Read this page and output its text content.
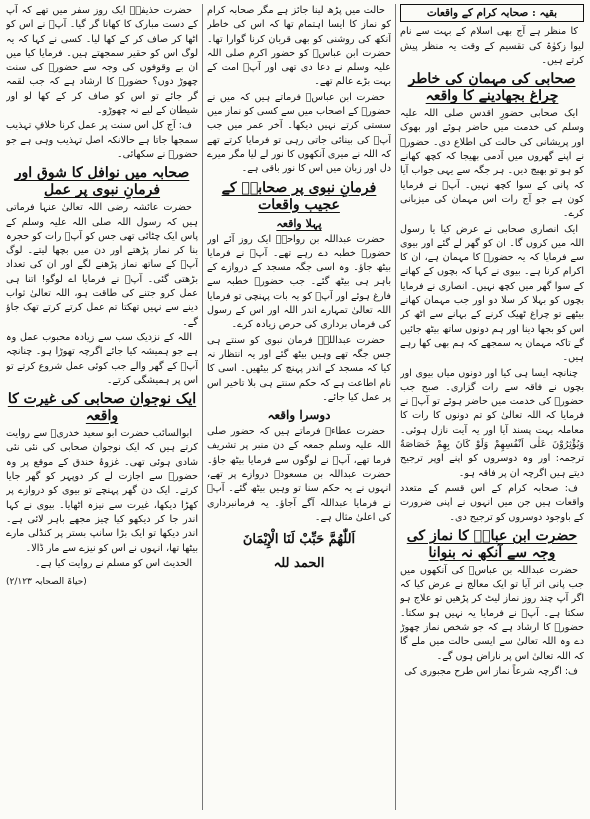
بقیہ : صحابہ کرام کے واقعات

کا منظر ہے آج بھی اسلام کے بہت سے نام لیوا زکوٰۃ کی تقسیم کے وقت یہ منظر پیش کرتے ہیں۔

صحابی کی مہمان کی خاطر چراغ بجھادینے کا واقعہ

ایک صحابی حضورِ اقدس صلی اللہ علیہ وسلم کی خدمت میں حاضر ہوئے اور بھوک اور پریشانی کی حالت کی اطلاع دی۔ حضورؐ نے اپنے گھروں میں آدمی بھیجا کہ کچھ کھانے کو ہو تو بھیج دیں۔ ہر جگہ سے یہی جواب آیا کہ پانی کے سوا کچھ نہیں۔ آپؐ نے فرمایا کون ہے جو آج رات اس مہمان کی میزبانی کرے۔

ایک انصاری صحابی نے عرض کیا یا رسول اللہ میں کروں گا۔ ان کو گھر لے گئے اور بیوی سے فرمایا کہ یہ حضورؐ کا مہمان ہے، ان کا اکرام کرنا ہے۔ بیوی نے کہا کہ بچوں کے کھانے کے سوا گھر میں کچھ نہیں۔ انصاری نے فرمایا بچوں کو بہلا کر سلا دو اور جب مہمان کھانے بیٹھے تو چراغ ٹھیک کرنے کے بہانے سے اٹھ کر اس کو بجھا دینا اور ہم دونوں ساتھ بیٹھ جائیں گے تاکہ مہمان یہ سمجھے کہ ہم بھی کھا رہے ہیں۔

چنانچہ ایسا ہی کیا اور دونوں میاں بیوی اور بچوں نے فاقہ سے رات گزاری۔ صبح جب حضورؐ کی خدمت میں حاضر ہوئے تو آپؐ نے فرمایا کہ اللہ تعالیٰ کو تم دونوں کا رات کا معاملہ بہت پسند آیا اور یہ آیت نازل ہوئی۔ وَيُؤْثِرُوْنَ عَلٰى اَنْفُسِهِمْ وَلَوْ كَانَ بِهِمْ خَصَاصَةٌ ترجمہ: اور وہ دوسروں کو اپنے اوپر ترجیح دیتے ہیں اگرچہ ان پر فاقہ ہو۔

ف: صحابہ کرام کے اس قسم کے متعدد واقعات ہیں جن میں انہوں نے اپنی ضرورت کے باوجود دوسروں کو ترجیح دی۔

حضرت ابن عباسؓ کا نماز کی وجہ سے آنکھ نہ بنوانا

حضرت عبداللہ بن عباسؓ کی آنکھوں میں جب پانی اتر آیا تو ایک معالج نے عرض کیا کہ اگر آپ چند روز نماز لیٹ کر پڑھیں تو علاج ہو سکتا ہے۔ آپؓ نے فرمایا یہ نہیں ہو سکتا۔ حضورؐ کا ارشاد ہے کہ جو شخص نماز چھوڑ دے وہ اللہ تعالیٰ سے ایسی حالت میں ملے گا کہ اللہ تعالیٰ اس پر ناراض ہوں گے۔

ف: اگرچہ شرعاً نماز اس طرح مجبوری کی

حالت میں پڑھ لینا جائز ہے مگر صحابہ کرام کو نماز کا ایسا اہتمام تھا کہ اس کی خاطر آنکھ کی روشنی کو بھی قربان کرنا گوارا تھا۔ حضرت ابن عباسؓ کو حضور اکرم صلی اللہ علیہ وسلم نے دعا دی تھی اور آپؓ امت کے بہت بڑے عالم تھے۔

حضرت ابن عباسؓ فرماتے ہیں کہ میں نے حضورؐ کے اصحاب میں سے کسی کو نماز میں سستی کرتے نہیں دیکھا۔ آخر عمر میں جب آپؓ کی بینائی جاتی رہی تو فرمایا کرتے تھے کہ اللہ نے میری آنکھوں کا نور لے لیا مگر میرے دل اور زبان میں اس کا نور باقی ہے۔

فرمانِ نبوی پر صحابہؓ کے عجیب واقعات
پہلا واقعہ

حضرت عبداللہ بن رواحہؓ ایک روز آئے اور حضورؐ خطبہ دے رہے تھے۔ آپؐ نے فرمایا بیٹھ جاؤ۔ وہ اسی جگہ مسجد کے دروازے کے باہر ہی بیٹھ گئے۔ جب حضورؐ خطبہ سے فارغ ہوئے اور آپؐ کو یہ بات پہنچی تو فرمایا اللہ تعالیٰ تمہارے اندر اللہ اور اس کے رسول کی فرماں برداری کی حرص زیادہ کرے۔

حضرت عبداللہؓ فرمان نبوی کو سنتے ہی جس جگہ تھے وہیں بیٹھ گئے اور یہ انتظار نہ کیا کہ مسجد کے اندر پہنچ کر بیٹھیں۔ اسی کا نام اطاعت ہے کہ حکم سنتے ہی بلا تاخیر اس پر عمل کیا جائے۔

دوسرا واقعہ

حضرت عطاءؒ فرماتے ہیں کہ حضور صلی اللہ علیہ وسلم جمعہ کے دن منبر پر تشریف فرما تھے، آپؐ نے لوگوں سے فرمایا بیٹھ جاؤ۔ حضرت عبداللہ بن مسعودؓ دروازے پر تھے، انہوں نے یہ حکم سنا تو وہیں بیٹھ گئے۔ آپؐ نے فرمایا عبداللہ آگے آجاؤ۔ یہ فرمانبرداری کی اعلیٰ مثال ہے۔

اَللّٰهُمَّ حَبِّبْ لَنَا الْإِيْمَانَ
الحمد للہ

حضرت حذیفہؓ ایک روز سفر میں تھے کہ آپ کے دست مبارک کا کھانا گر گیا۔ آپؓ نے اس کو اٹھا کر صاف کر کے کھا لیا۔ کسی نے کہا کہ یہ لوگ اس کو حقیر سمجھتے ہیں۔ فرمایا کیا میں ان بے وقوفوں کی وجہ سے حضورؐ کی سنت چھوڑ دوں؟ حضورؐ کا ارشاد ہے کہ جب لقمہ گر جائے تو اس کو صاف کر کے کھا لو اور شیطان کے لیے نہ چھوڑو۔

ف: آج کل اس سنت پر عمل کرنا خلافِ تہذیب سمجھا جاتا ہے حالانکہ اصل تہذیب وہی ہے جو حضورؐ نے سکھائی۔

صحابہ میں نوافل کا شوق اور فرمانِ نبوی پر عمل

حضرت عائشہ رضی اللہ تعالیٰ عنہا فرماتی ہیں کہ رسول اللہ صلی اللہ علیہ وسلم کے پاس ایک چٹائی تھی جس کو آپؐ رات کو حجرہ بنا کر نماز پڑھتے اور دن میں بچھا لیتے۔ لوگ آپؐ کے ساتھ نماز پڑھنے لگے اور ان کی تعداد بڑھتی گئی۔ آپؐ نے فرمایا اے لوگو! اتنا ہی عمل کرو جتنے کی طاقت ہو، اللہ تعالیٰ ثواب دینے سے نہیں تھکتا تم عمل کرتے کرتے تھک جاؤ گے۔

اللہ کے نزدیک سب سے زیادہ محبوب عمل وہ ہے جو ہمیشہ کیا جائے اگرچہ تھوڑا ہو۔ چنانچہ آپؐ کے گھر والے جب کوئی عمل شروع کرتے تو اس پر ہمیشگی کرتے۔

ایک نوجوان صحابی کی غیرت کا واقعہ

ابوالسائب حضرت ابو سعید خدریؓ سے روایت کرتے ہیں کہ ایک نوجوان صحابی کی نئی نئی شادی ہوئی تھی۔ غزوۂ خندق کے موقع پر وہ حضورؐ سے اجازت لے کر دوپہر کو گھر جایا کرتے۔ ایک دن گھر پہنچے تو بیوی کو دروازے پر کھڑا دیکھا، غیرت سے نیزہ اٹھایا۔ بیوی نے کہا اندر جا کر دیکھو کیا چیز مجھے باہر لائی ہے۔ اندر دیکھا تو ایک بڑا سانپ بستر پر کنڈلی مارے بیٹھا تھا، انہوں نے اس کو نیزے سے مار ڈالا۔

الحدیث اس کو مسلم نے روایت کیا ہے۔

(حیاۃ الصحابہ ۲/۱۲۳)
